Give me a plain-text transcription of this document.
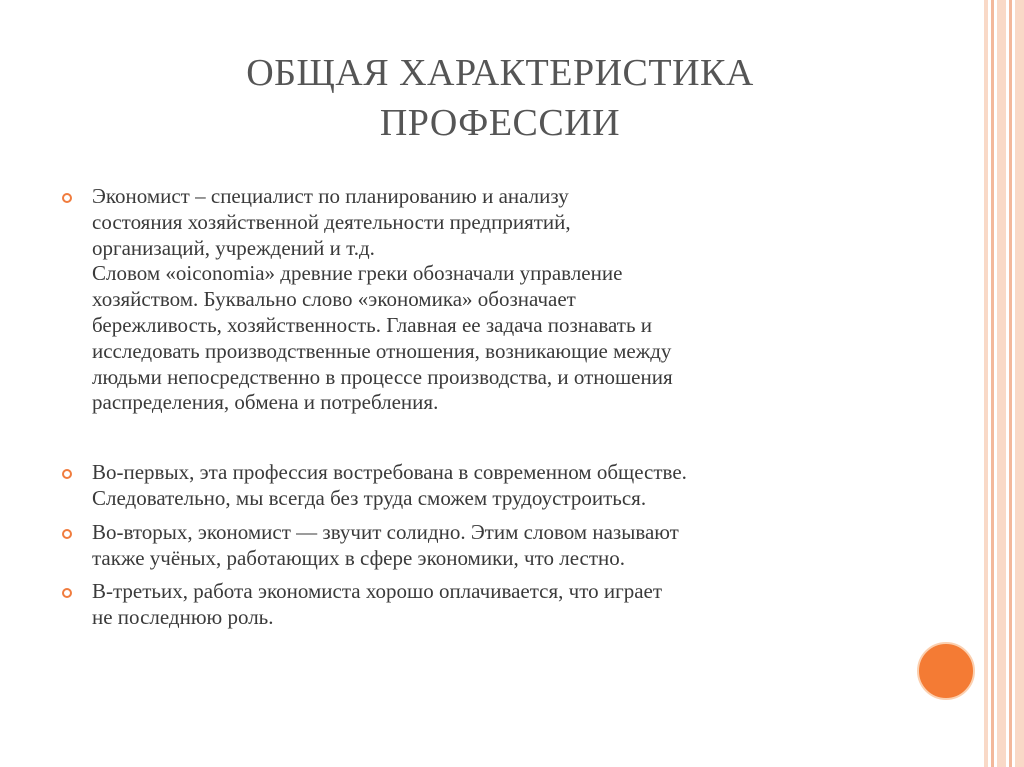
ОБЩАЯ ХАРАКТЕРИСТИКА
ПРОФЕССИИ
Экономист – специалист по планированию и анализу
состояния хозяйственной деятельности предприятий,
организаций, учреждений и т.д.
Словом «oiconomia» древние греки обозначали управление
хозяйством. Буквально слово «экономика» обозначает
бережливость, хозяйственность. Главная ее задача познавать и
исследовать производственные отношения, возникающие между
людьми непосредственно в процессе производства, и отношения
распределения, обмена и потребления.
Во-первых, эта профессия востребована в современном обществе.
Следовательно, мы всегда без труда сможем трудоустроиться.
Во-вторых, экономист — звучит солидно. Этим словом называют
также учёных, работающих в сфере экономики, что лестно.
В-третьих, работа экономиста хорошо оплачивается, что играет
не последнюю роль.
